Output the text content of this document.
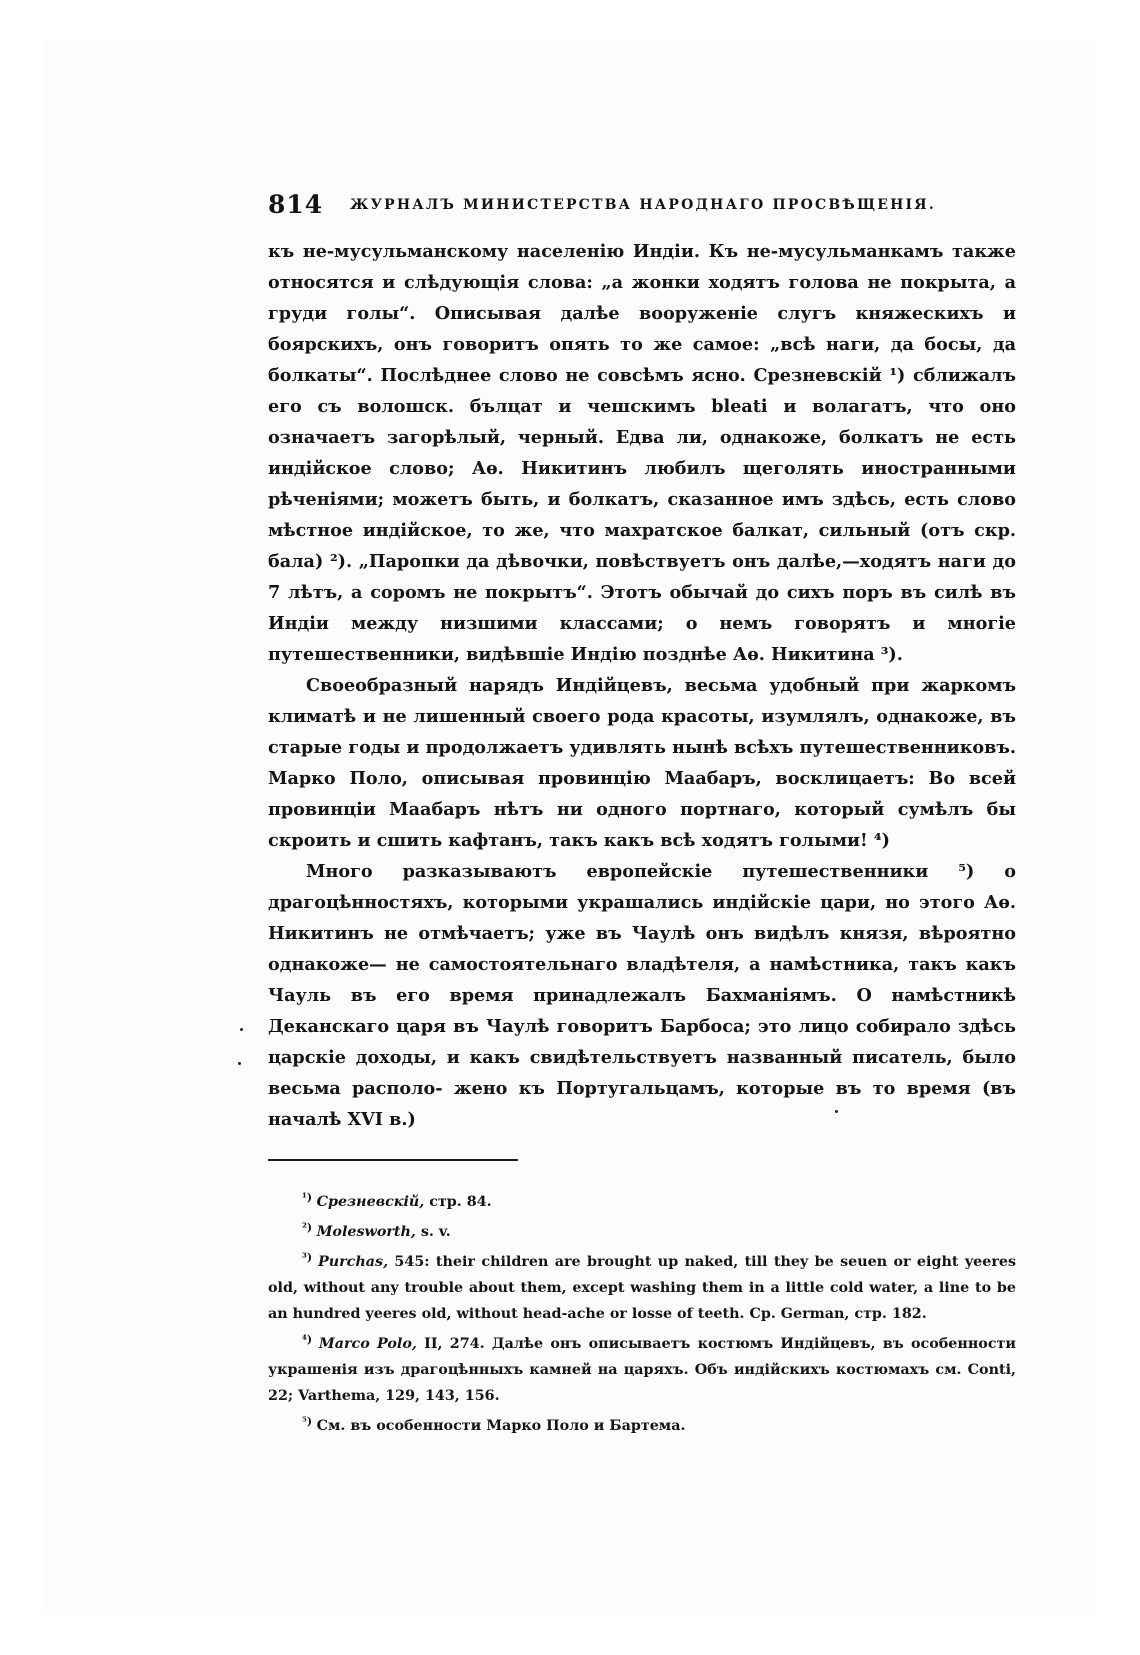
814 ЖУРНАЛЪ МИНИСТЕРСТВА НАРОДНАГО ПРОСВѢЩЕНІЯ.

къ не-мусульманскому населенію Индіи. Къ не-мусульманкамъ также относятся и слѣдующія слова: „а жонки ходятъ голова не покрыта, а груди голы“. Описывая далѣе вооруженіе слугъ княжескихъ и боярскихъ, онъ говоритъ опять то же самое: „всѣ наги, да босы, да болкаты“. Послѣднее слово не совсѣмъ ясно. Срезневскій ¹) сближалъ его съ волошск. бълцат и чешскимъ bleati и волагатъ, что оно означаетъ загорѣлый, черный. Едва ли, однакоже, болкатъ не есть индійское слово; Аѳ. Никитинъ любилъ щеголять иностранными рѣченіями; можетъ быть, и болкатъ, сказанное имъ здѣсь, есть слово мѣстное индійское, то же, что махратское балкат, сильный (отъ скр. бала) ²). „Паропки да дѣвочки, повѣствуетъ онъ далѣе,—ходятъ наги до 7 лѣтъ, а соромъ не покрытъ“. Этотъ обычай до сихъ поръ въ силѣ въ Индіи между низшими классами; о немъ говорятъ и многіе путешественники, видѣвшіе Индію позднѣе Аѳ. Никитина ³).

Своеобразный нарядъ Индійцевъ, весьма удобный при жаркомъ климатѣ и не лишенный своего рода красоты, изумлялъ, однакоже, въ старые годы и продолжаетъ удивлять нынѣ всѣхъ путешественниковъ. Марко Поло, описывая провинцію Маабаръ, восклицаетъ: Во всей провинціи Маабаръ нѣтъ ни одного портнаго, который сумѣлъ бы скроить и сшить кафтанъ, такъ какъ всѣ ходятъ голыми! ⁴)

Много разказываютъ европейскіе путешественники ⁵) о драгоцѣнностяхъ, которыми украшались индійскіе цари, но этого Аѳ. Никитинъ не отмѣчаетъ; уже въ Чаулѣ онъ видѣлъ князя, вѣроятно однакоже— не самостоятельнаго владѣтеля, а намѣстника, такъ какъ Чауль въ его время принадлежалъ Бахманіямъ. О намѣстникѣ Деканскаго царя въ Чаулѣ говоритъ Барбоса; это лицо собирало здѣсь царскіе доходы, и какъ свидѣтельствуетъ названный писатель, было весьма располо- жено къ Португальцамъ, которые въ то время (въ началѣ XVI в.)

$^{^1)}$ Срезневскій, стр. 84.

$^{^2)}$ Molesworth, s. v.

$^{^3)}$ Purchas, 545: their children are brought up naked, till they be seuen or eight yeeres old, without any trouble about them, except washing them in a little cold water, a line to be an hundred yeeres old, without head-ache or losse of teeth. Ср. German, стр. 182.

$^{^4)}$ Marco Polo, II, 274. Далѣе онъ описываетъ костюмъ Индійцевъ, въ особенности украшенія изъ драгоцѣнныхъ камней на царяхъ. Объ индійскихъ костюмахъ см. Conti, 22; Varthema, 129, 143, 156.

$^{^5)}$ См. въ особенности Марко Поло и Бартема.
